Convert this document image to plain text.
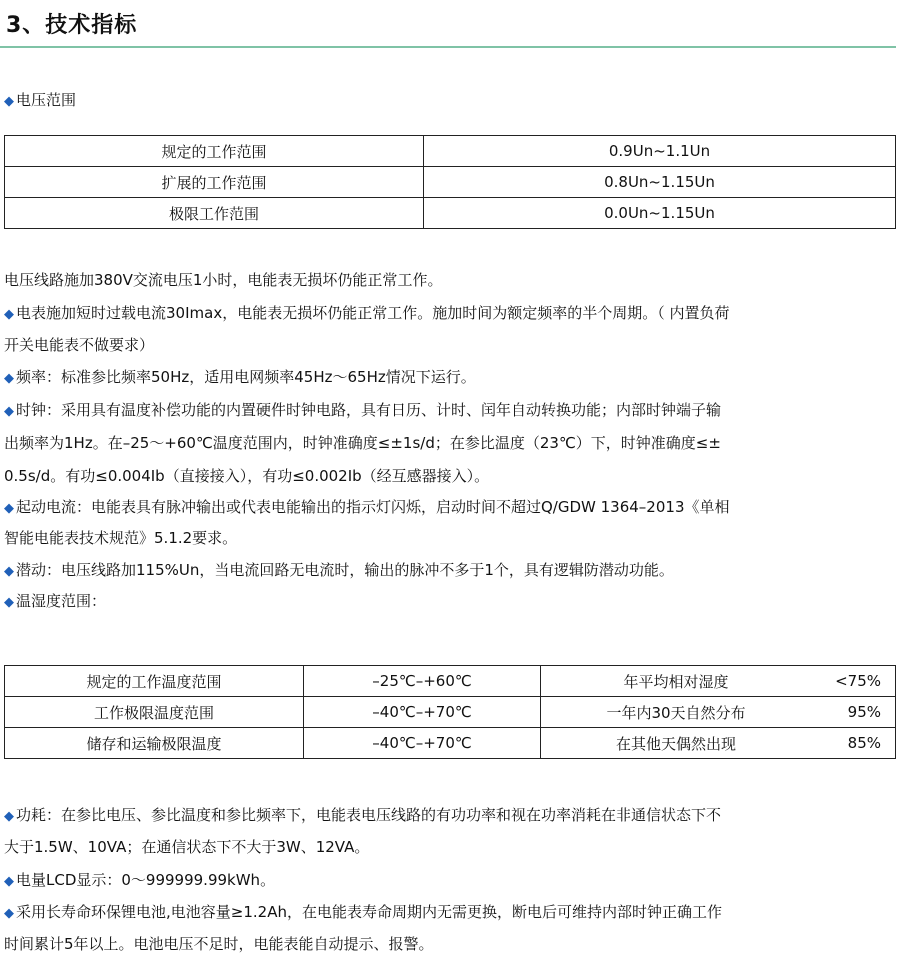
3、技术指标
◆ 电压范围
规定的工作范围	0.9Un~1.1Un
扩展的工作范围	0.8Un~1.15Un
极限工作范围	0.0Un~1.15Un
电压线路施加380V交流电压1小时，电能表无损坏仍能正常工作。
◆ 电表施加短时过载电流30Imax，电能表无损坏仍能正常工作。施加时间为额定频率的半个周期。（ 内置负荷
开关电能表不做要求）
◆ 频率：标准参比频率50Hz，适用电网频率45Hz～65Hz情况下运行。
◆ 时钟：采用具有温度补偿功能的内置硬件时钟电路，具有日历、计时、闰年自动转换功能；内部时钟端子输
出频率为1Hz。在–25～+60℃温度范围内，时钟准确度≤±1s/d；在参比温度（23℃）下，时钟准确度≤±
0.5s/d。有功≤0.004Ib（直接接入），有功≤0.002Ib（经互感器接入）。
◆ 起动电流：电能表具有脉冲输出或代表电能输出的指示灯闪烁，启动时间不超过Q/GDW 1364–2013《单相
智能电能表技术规范》5.1.2要求。
◆ 潜动：电压线路加115%Un，当电流回路无电流时，输出的脉冲不多于1个，具有逻辑防潜动功能。
◆ 温湿度范围：
规定的工作温度范围	–25℃–+60℃	年平均相对湿度	<75%
工作极限温度范围	–40℃–+70℃	一年内30天自然分布	95%
储存和运输极限温度	–40℃–+70℃	在其他天偶然出现	85%
◆ 功耗：在参比电压、参比温度和参比频率下，电能表电压线路的有功功率和视在功率消耗在非通信状态下不
大于1.5W、10VA；在通信状态下不大于3W、12VA。
◆ 电量LCD显示：0～999999.99kWh。
◆ 采用长寿命环保锂电池,电池容量≥1.2Ah，在电能表寿命周期内无需更换，断电后可维持内部时钟正确工作
时间累计5年以上。电池电压不足时，电能表能自动提示、报警。
